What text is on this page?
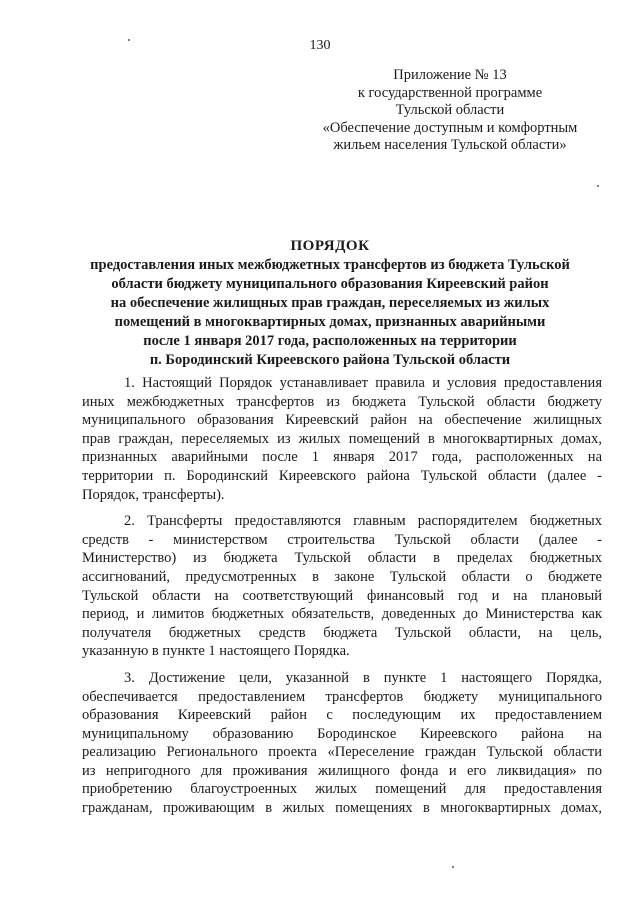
130
Приложение № 13
к государственной программе
Тульской области
«Обеспечение доступным и комфортным
жильем населения Тульской области»
ПОРЯДОК
предоставления иных межбюджетных трансфертов из бюджета Тульской
области бюджету муниципального образования Киреевский район
на обеспечение жилищных прав граждан, переселяемых из жилых
помещений в многоквартирных домах, признанных аварийными
после 1 января 2017 года, расположенных на территории
п. Бородинский Киреевского района Тульской области
1. Настоящий Порядок устанавливает правила и условия предоставления
иных межбюджетных трансфертов из бюджета Тульской области бюджету
муниципального образования Киреевский район на обеспечение жилищных
прав граждан, переселяемых из жилых помещений в многоквартирных домах,
признанных аварийными после 1 января 2017 года, расположенных на
территории п. Бородинский Киреевского района Тульской области (далее -
Порядок, трансферты).
2. Трансферты предоставляются главным распорядителем бюджетных
средств - министерством строительства Тульской области (далее -
Министерство) из бюджета Тульской области в пределах бюджетных
ассигнований, предусмотренных в законе Тульской области о бюджете
Тульской области на соответствующий финансовый год и на плановый
период, и лимитов бюджетных обязательств, доведенных до Министерства как
получателя бюджетных средств бюджета Тульской области, на цель,
указанную в пункте 1 настоящего Порядка.
3. Достижение цели, указанной в пункте 1 настоящего Порядка,
обеспечивается предоставлением трансфертов бюджету муниципального
образования Киреевский район с последующим их предоставлением
муниципальному образованию Бородинское Киреевского района на
реализацию Регионального проекта «Переселение граждан Тульской области
из непригодного для проживания жилищного фонда и его ликвидация» по
приобретению благоустроенных жилых помещений для предоставления
гражданам, проживающим в жилых помещениях в многоквартирных домах,
